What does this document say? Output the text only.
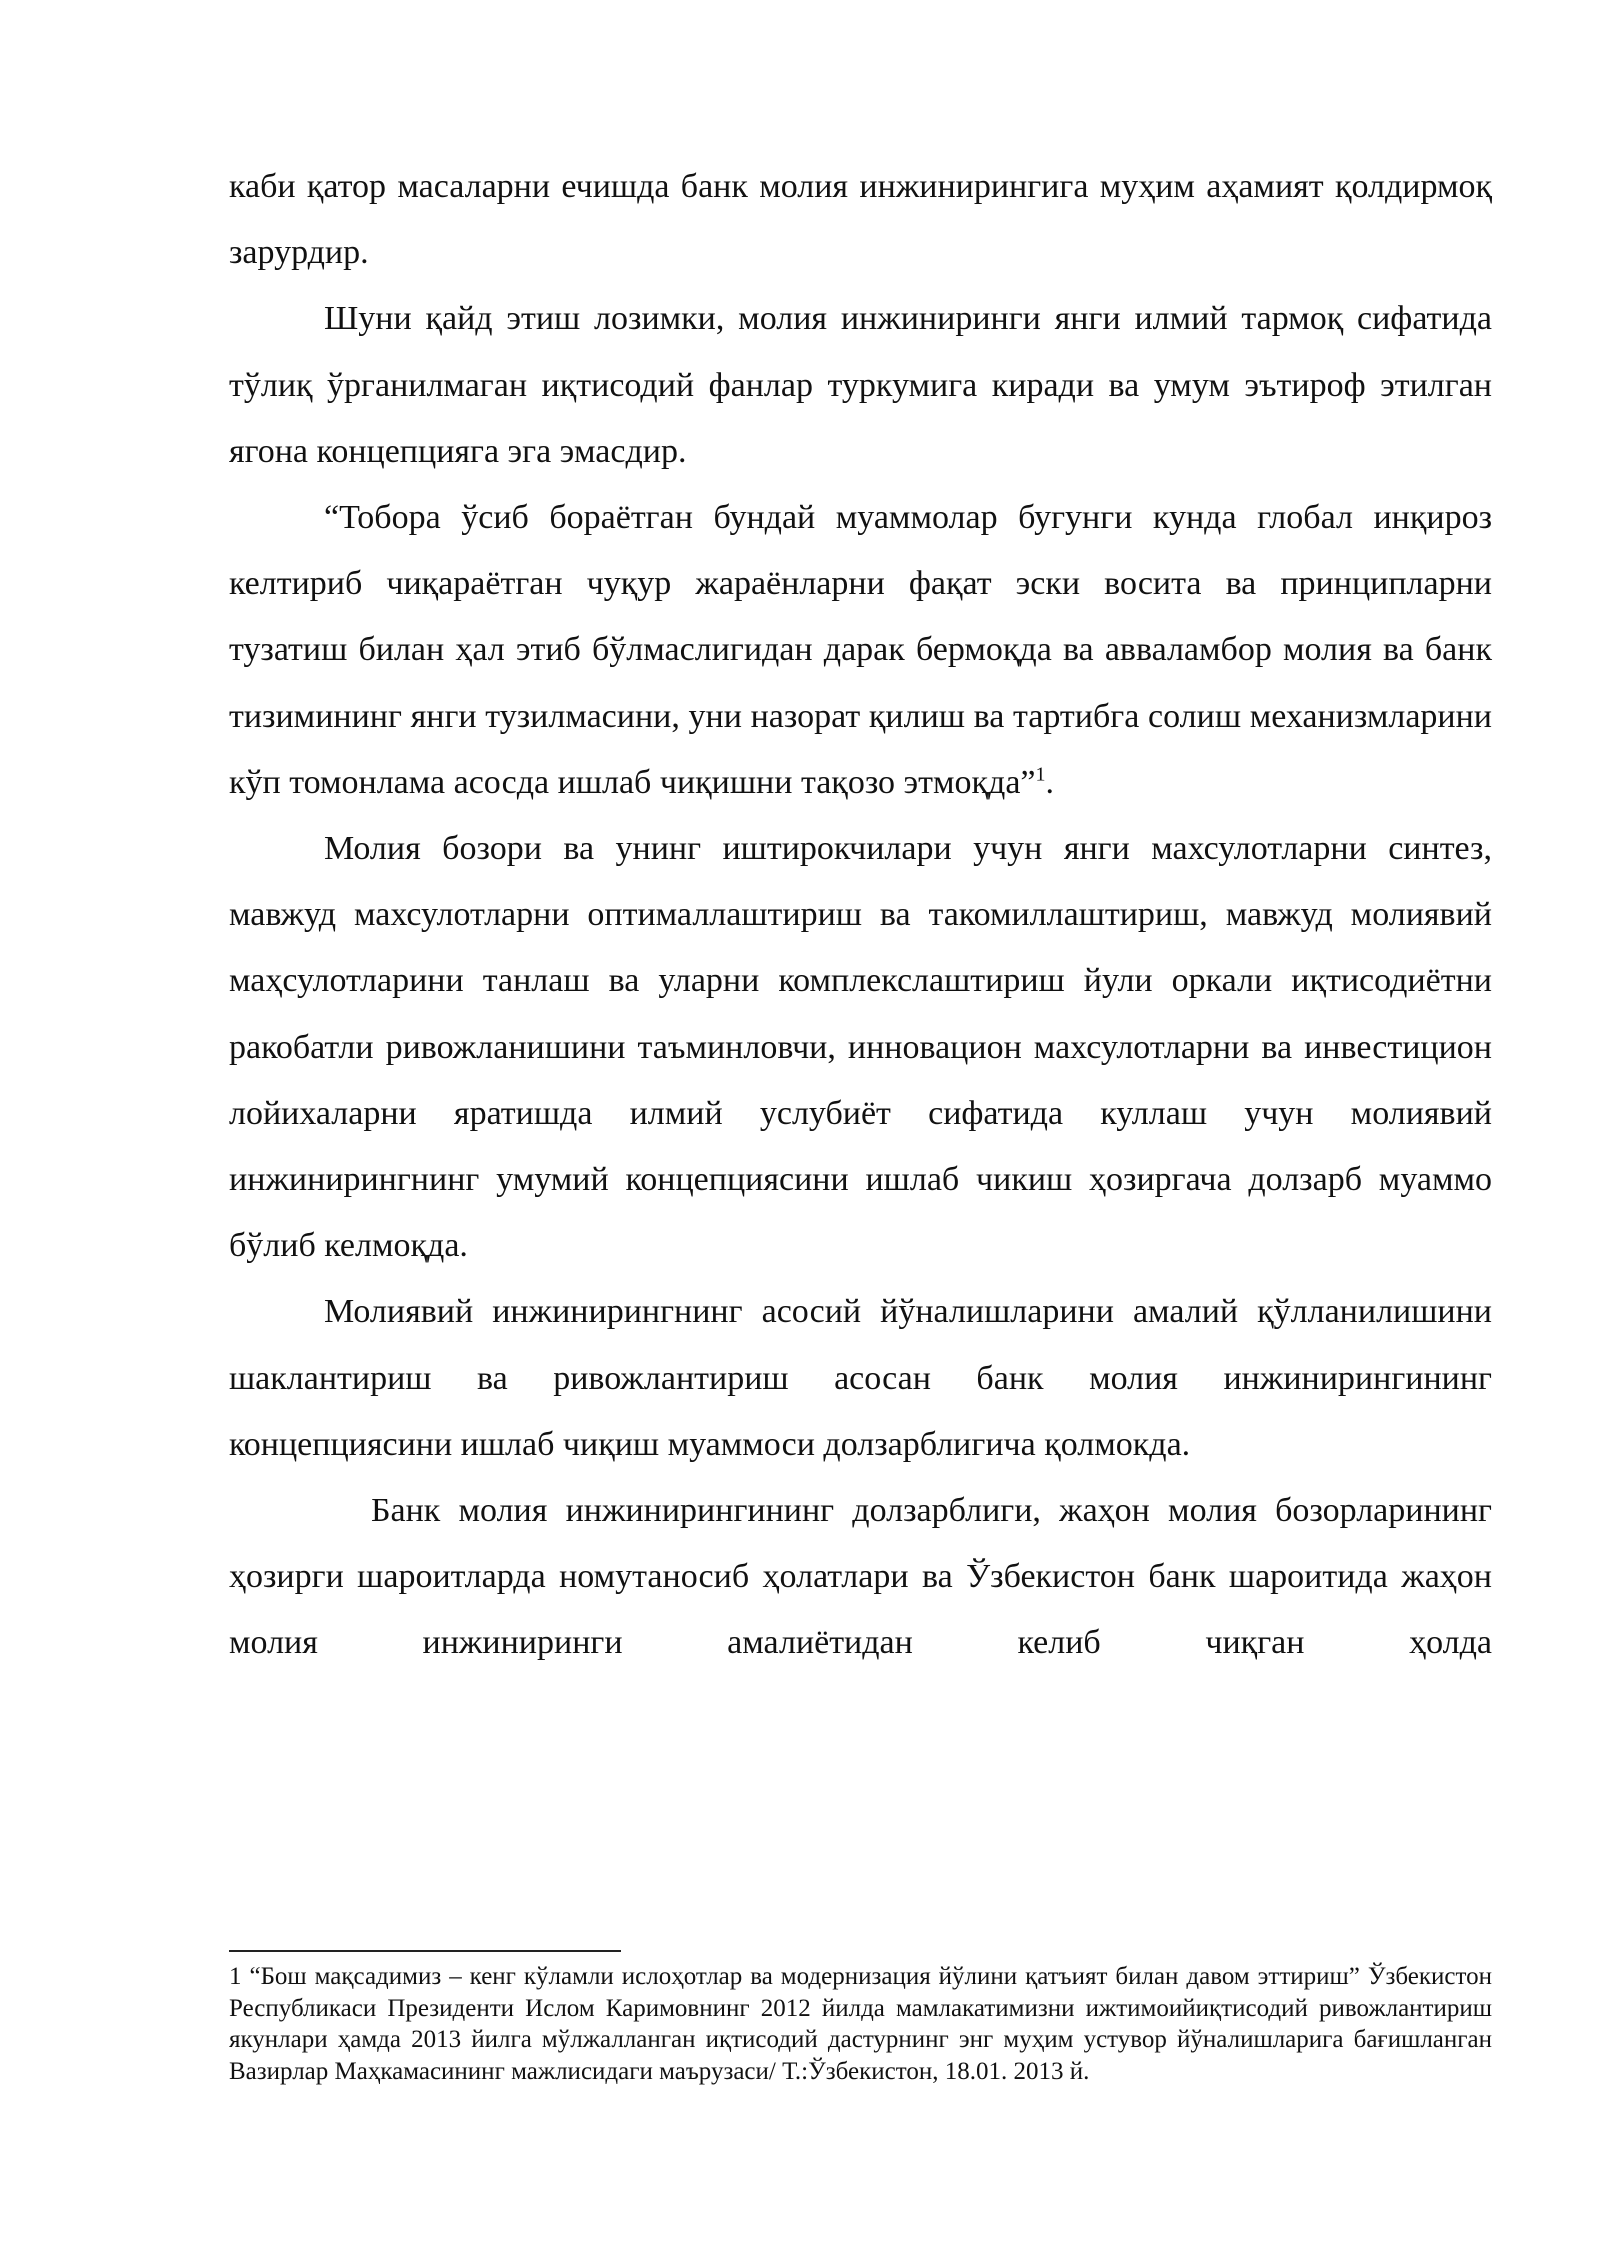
каби қатор масаларни ечишда банк молия инжинирингига муҳим аҳамият қолдирмоқ зарурдир.

Шуни қайд этиш лозимки, молия инжиниринги янги илмий тармоқ сифатида тўлиқ ўрганилмаган иқтисодий фанлар туркумига киради ва умум эътироф этилган ягона концепцияга эга эмасдир.

“Тобора ўсиб бораётган бундай муаммолар бугунги кунда глобал инқироз келтириб чиқараётган чуқур жараёнларни фақат эски восита ва принципларни тузатиш билан ҳал этиб бўлмаслигидан дарак бермоқда ва авваламбор молия ва банк тизимининг янги тузилмасини, уни назорат қилиш ва тартибга солиш механизмларини кўп томонлама асосда ишлаб чиқишни тақозо этмоқда”$^1$.

Молия бозори ва унинг иштирокчилари учун янги махсулотларни синтез, мавжуд махсулотларни оптималлаштириш ва такомиллаштириш, мавжуд молиявий маҳсулотларини танлаш ва уларни комплекслаштириш йули оркали иқтисодиётни ракобатли ривожланишини таъминловчи, инновацион махсулотларни ва инвестицион лойихаларни яратишда илмий услубиёт сифатида куллаш учун молиявий инжинирингнинг умумий концепциясини ишлаб чикиш ҳозиргача долзарб муаммо бўлиб келмоқда.

Молиявий инжинирингнинг асосий йўналишларини амалий қўлланилишини шаклантириш ва ривожлантириш асосан банк молия инжинирингининг концепциясини ишлаб чиқиш муаммоси долзарблигича қолмокда.

Банк молия инжинирингининг долзарблиги, жаҳон молия бозорларининг ҳозирги шароитларда номутаносиб ҳолатлари ва Ўзбекистон банк шароитида жаҳон молия инжиниринги амалиётидан келиб чиқган ҳолда

1 “Бош мақсадимиз – кенг кўламли ислоҳотлар ва модернизация йўлини қатъият билан давом эттириш” Ўзбекистон Республикаси Президенти Ислом Каримовнинг 2012 йилда мамлакатимизни ижтимоийиқтисодий ривожлантириш якунлари ҳамда 2013 йилга мўлжалланган иқтисодий дастурнинг энг муҳим устувор йўналишларига бағишланган Вазирлар Маҳкамасининг мажлисидаги маърузаси/ Т.:Ўзбекистон, 18.01. 2013 й.
